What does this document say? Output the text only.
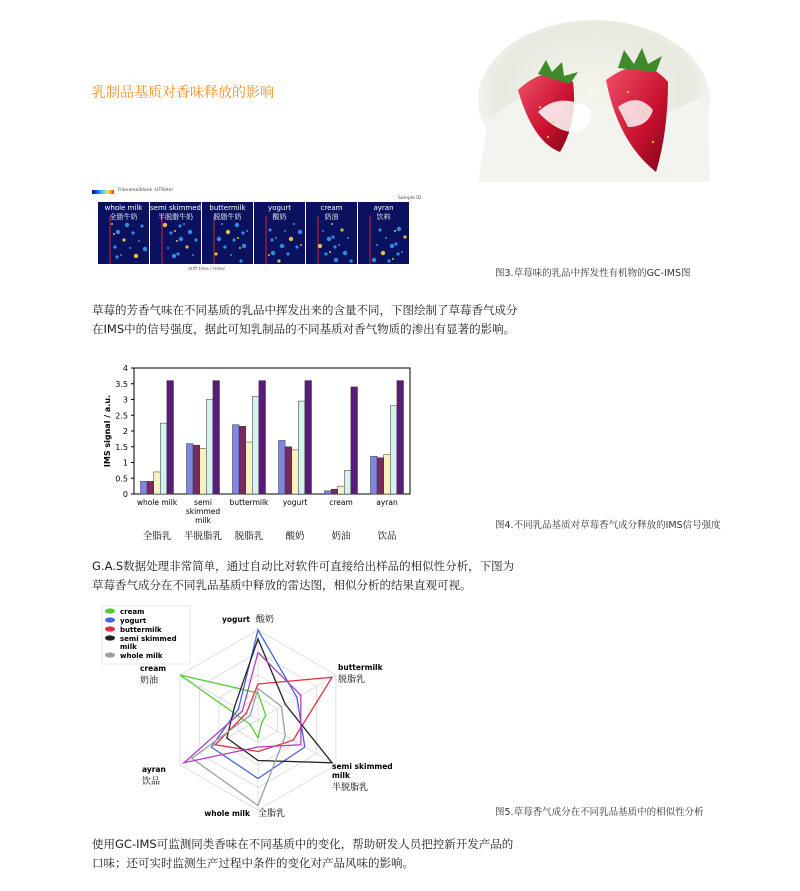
乳制品基质对香味释放的影响
Filename/blank -UTRetel
Sample ID
whole milk
全脂牛奶
semi skimmed
半脱脂牛奶
buttermilk
脱脂牛奶
yogurt
酸奶
cream
奶油
ayran
饮料
·
·
·
·
·
·
·
drift time / msec	图3.草莓味的乳品中挥发性有机物的GC-IMS图
草莓的芳香气味在不同基质的乳品中挥发出来的含量不同，下图绘制了草莓香气成分
在IMS中的信号强度，据此可知乳制品的不同基质对香气物质的渗出有显著的影响。
0
0.5
1
1.5
2
2.5
3
3.5
4
IMS signal / a.u.
whole milk
全脂乳
semi
skimmed
milk
半脱脂乳
buttermilk
脱脂乳
yogurt
酸奶
cream
奶油
ayran
饮品
图4.不同乳品基质对草莓香气成分释放的IMS信号强度
G.A.S数据处理非常简单，通过自动比对软件可直接给出样品的相似性分析，下图为
草莓香气成分在不同乳品基质中释放的雷达图，相似分析的结果直观可视。
yogurt 酸奶
buttermilk
脱脂乳
semi skimmed
milk
半脱脂乳
whole milk 全脂乳
ayran
饮品
cream
奶油
cream
yogurt
buttermilk
semi skimmed
milk
whole milk
图5.草莓香气成分在不同乳品基质中的相似性分析
使用GC-IMS可监测同类香味在不同基质中的变化，帮助研发人员把控新开发产品的
口味；还可实时监测生产过程中条件的变化对产品风味的影响。
